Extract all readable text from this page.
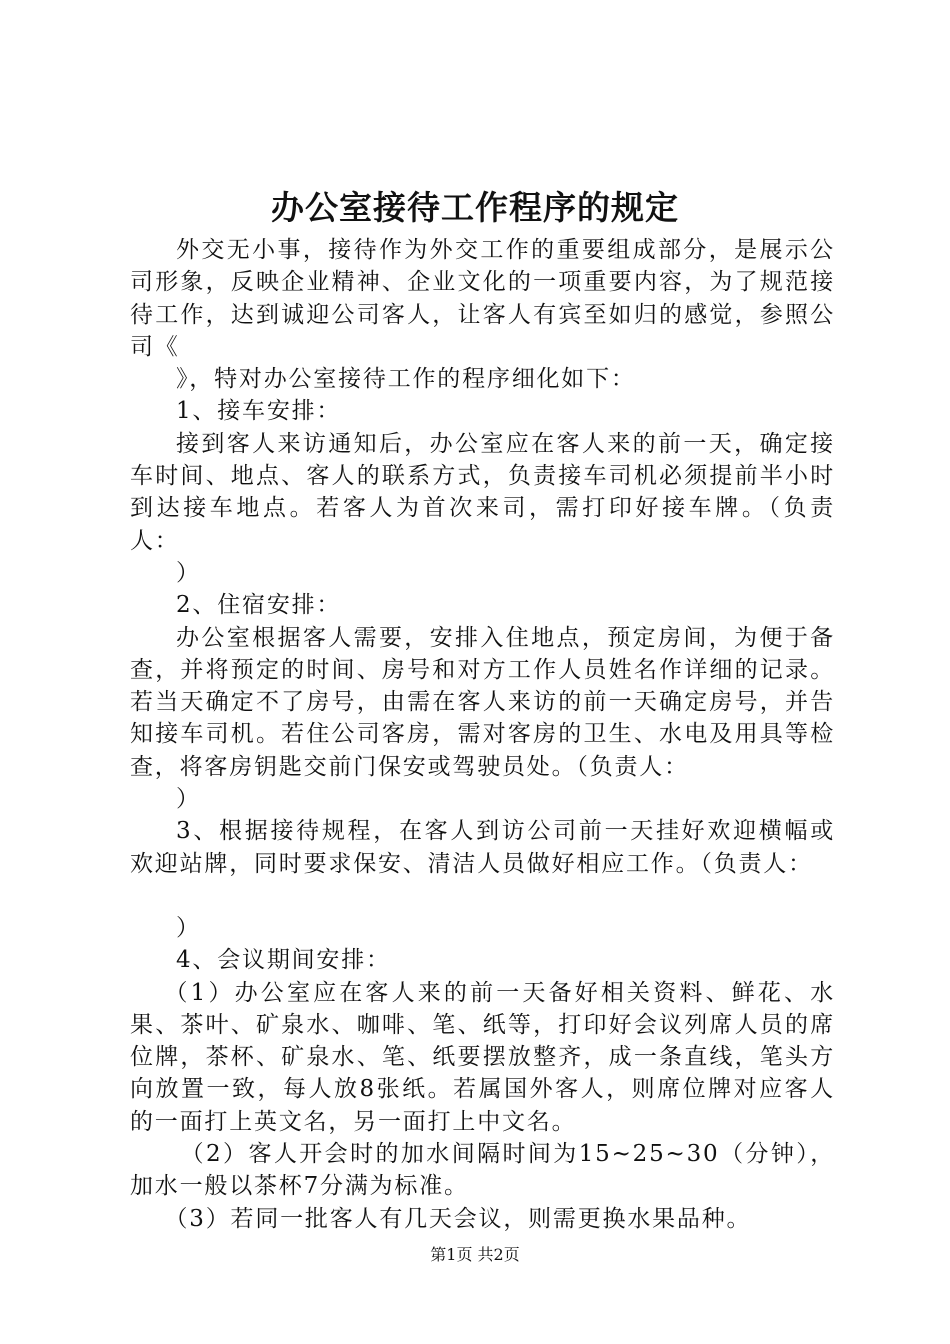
办公室接待工作程序的规定

外交无小事，接待作为外交工作的重要组成部分，是展示公司形象，反映企业精神、企业文化的一项重要内容，为了规范接待工作，达到诚迎公司客人，让客人有宾至如归的感觉，参照公司《

》，特对办公室接待工作的程序细化如下：

1、接车安排：

接到客人来访通知后，办公室应在客人来的前一天，确定接车时间、地点、客人的联系方式，负责接车司机必须提前半小时到达接车地点。若客人为首次来司，需打印好接车牌。（负责人：

）

2、住宿安排：

办公室根据客人需要，安排入住地点，预定房间，为便于备查，并将预定的时间、房号和对方工作人员姓名作详细的记录。若当天确定不了房号，由需在客人来访的前一天确定房号，并告知接车司机。若住公司客房，需对客房的卫生、水电及用具等检查，将客房钥匙交前门保安或驾驶员处。（负责人：

）

3、根据接待规程，在客人到访公司前一天挂好欢迎横幅或欢迎站牌，同时要求保安、清洁人员做好相应工作。（负责人：

）

4、会议期间安排：

（1）办公室应在客人来的前一天备好相关资料、鲜花、水果、茶叶、矿泉水、咖啡、笔、纸等，打印好会议列席人员的席位牌，茶杯、矿泉水、笔、纸要摆放整齐，成一条直线，笔头方向放置一致，每人放8张纸。若属国外客人，则席位牌对应客人的一面打上英文名，另一面打上中文名。

（2）客人开会时的加水间隔时间为15~25~30（分钟），加水一般以茶杯7分满为标准。

（3）若同一批客人有几天会议，则需更换水果品种。

第1页 共2页
